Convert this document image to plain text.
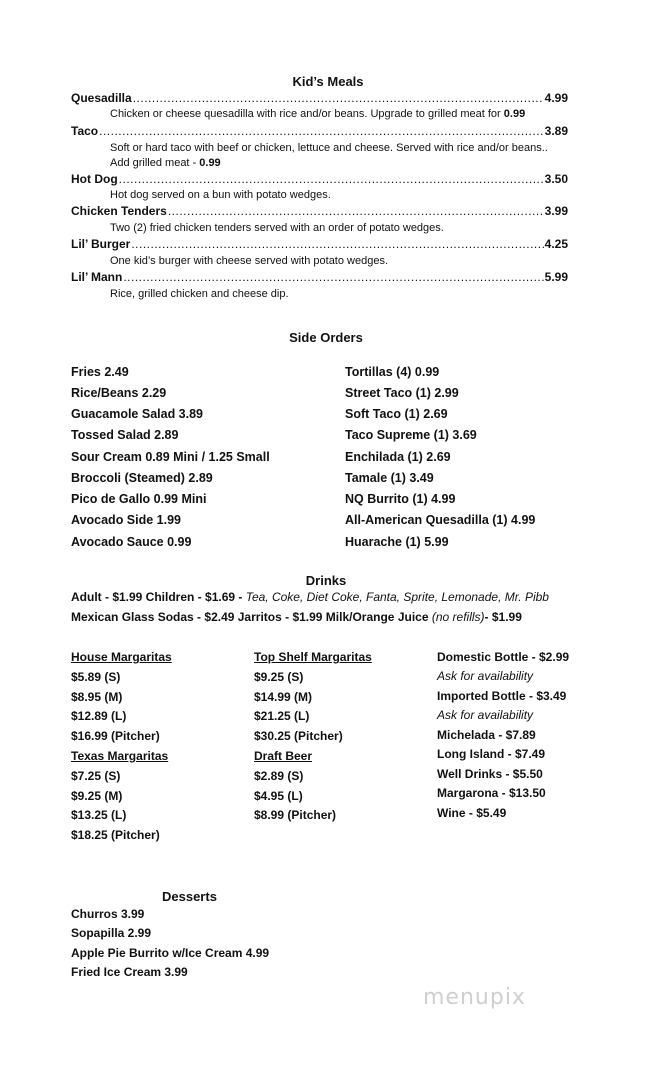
Kid’s Meals
Quesadilla .....	4.99
Chicken or cheese quesadilla with rice and/or beans. Upgrade to grilled meat for 0.99
Taco .....	3.89
Soft or hard taco with beef or chicken, lettuce and cheese. Served with rice and/or beans.. Add grilled meat - 0.99
Hot Dog .....	3.50
Hot dog served on a bun with potato wedges.
Chicken Tenders .....	3.99
Two (2) fried chicken tenders served with an order of potato wedges.
Lil’ Burger .....	4.25
One kid’s burger with cheese served with potato wedges.
Lil’ Mann .....	5.99
Rice, grilled chicken and cheese dip.
Side Orders
Fries 2.49
Rice/Beans 2.29
Guacamole Salad 3.89
Tossed Salad 2.89
Sour Cream 0.89 Mini / 1.25 Small
Broccoli (Steamed) 2.89
Pico de Gallo 0.99 Mini
Avocado Side 1.99
Avocado Sauce 0.99
Tortillas (4) 0.99
Street Taco (1) 2.99
Soft Taco (1) 2.69
Taco Supreme (1) 3.69
Enchilada (1) 2.69
Tamale (1) 3.49
NQ Burrito (1) 4.99
All-American Quesadilla (1) 4.99
Huarache (1) 5.99
Drinks
Adult - $1.99 Children - $1.69 - Tea, Coke, Diet Coke, Fanta, Sprite, Lemonade, Mr. Pibb
Mexican Glass Sodas - $2.49 Jarritos - $1.99 Milk/Orange Juice (no refills)- $1.99
House Margaritas
$5.89 (S)
$8.95 (M)
$12.89 (L)
$16.99 (Pitcher)
Texas Margaritas
$7.25 (S)
$9.25 (M)
$13.25 (L)
$18.25 (Pitcher)
Top Shelf Margaritas
$9.25 (S)
$14.99 (M)
$21.25 (L)
$30.25 (Pitcher)
Draft Beer
$2.89 (S)
$4.95 (L)
$8.99 (Pitcher)
Domestic Bottle - $2.99
Ask for availability
Imported Bottle - $3.49
Ask for availability
Michelada - $7.89
Long Island - $7.49
Well Drinks - $5.50
Margarona - $13.50
Wine - $5.49
Desserts
Churros 3.99
Sopapilla 2.99
Apple Pie Burrito w/Ice Cream 4.99
Fried Ice Cream 3.99
menupix
